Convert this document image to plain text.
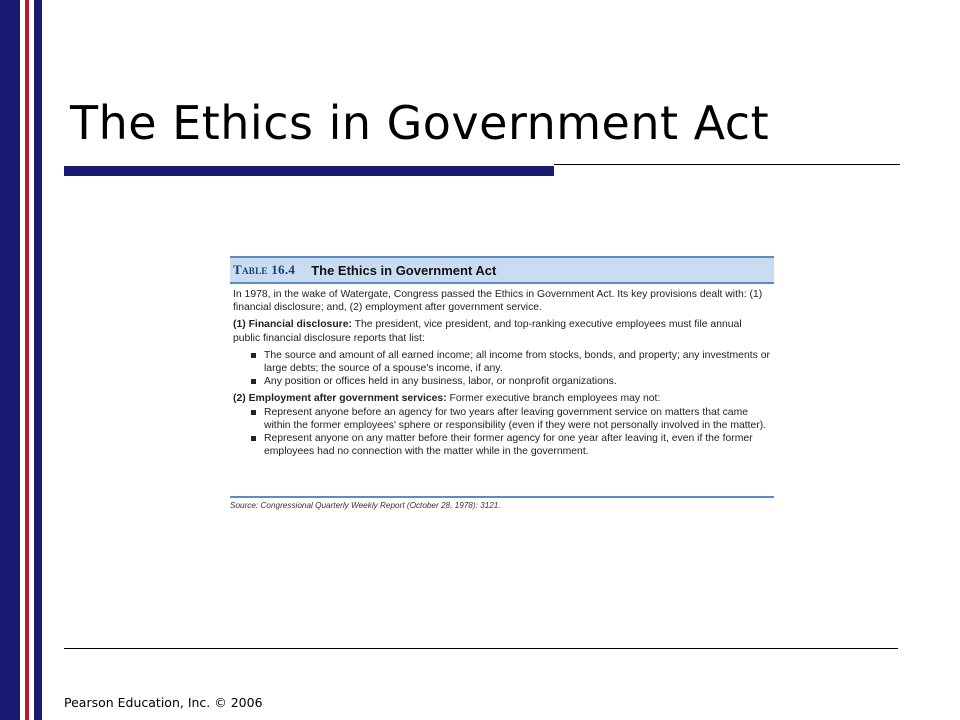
The Ethics in Government Act
Table 16.4 The Ethics in Government Act

In 1978, in the wake of Watergate, Congress passed the Ethics in Government Act. Its key provisions dealt with: (1) financial disclosure; and, (2) employment after government service.

(1) Financial disclosure: The president, vice president, and top-ranking executive employees must file annual public financial disclosure reports that list:

The source and amount of all earned income; all income from stocks, bonds, and property; any investments or large debts; the source of a spouse's income, if any.
Any position or offices held in any business, labor, or nonprofit organizations.

(2) Employment after government services: Former executive branch employees may not:

Represent anyone before an agency for two years after leaving government service on matters that came within the former employees' sphere or responsibility (even if they were not personally involved in the matter).
Represent anyone on any matter before their former agency for one year after leaving it, even if the former employees had no connection with the matter while in the government.
Source: Congressional Quarterly Weekly Report (October 28, 1978): 3121.
Pearson Education, Inc. © 2006
